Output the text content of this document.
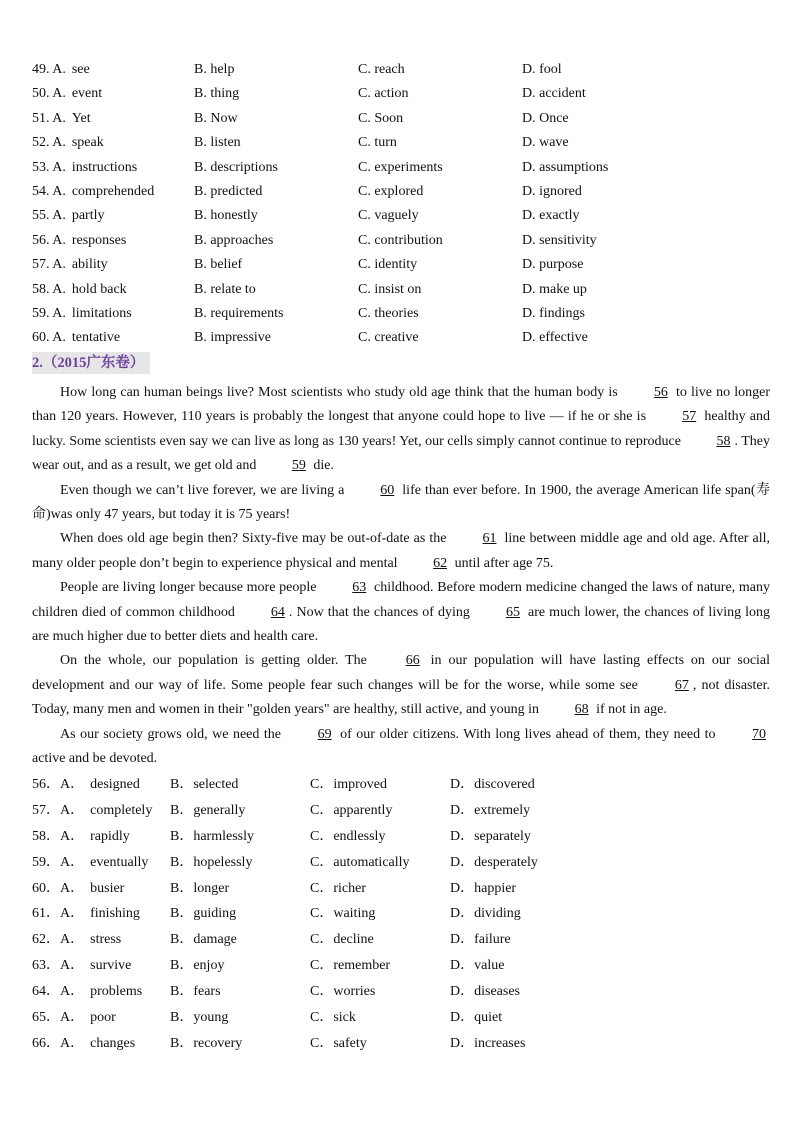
49. A. see	B. help	C. reach	D. fool
50. A. event	B. thing	C. action	D. accident
51. A. Yet	B. Now	C. Soon	D. Once
52. A. speak	B. listen	C. turn	D. wave
53. A. instructions	B. descriptions	C. experiments	D. assumptions
54. A. comprehended	B. predicted	C. explored	D. ignored
55. A. partly	B. honestly	C. vaguely	D. exactly
56. A. responses	B. approaches	C. contribution	D. sensitivity
57. A. ability	B. belief	C. identity	D. purpose
58. A. hold back	B. relate to	C. insist on	D. make up
59. A. limitations	B. requirements	C. theories	D. findings
60. A. tentative	B. impressive	C. creative	D. effective
2.（2015广东卷）

How long can human beings live? Most scientists who study old age think that the human body is	56 to live no longer than 120 years. However, 110 years is probably the longest that anyone could hope to live — if he or she is	57 healthy and lucky. Some scientists even say we can live as long as 130 years! Yet, our cells simply cannot continue to reproduce	58 . They wear out, and as a result, we get old and	59 die.

Even though we can’t live forever, we are living a	60 life than ever before. In 1900, the average American life span(寿命)was only 47 years, but today it is 75 years!

When does old age begin then? Sixty-five may be out-of-date as the	61 line between middle age and old age. After all, many older people don’t begin to experience physical and mental	62 until after age 75.

People are living longer because more people	63 childhood. Before modern medicine changed the laws of nature, many children died of common childhood	64 . Now that the chances of dying	65 are much lower, the chances of living long are much higher due to better diets and health care.

On the whole, our population is getting older. The	66 in our population will have lasting effects on our social development and our way of life. Some people fear such changes will be for the worse, while some see	67 , not disaster. Today, many men and women in their "golden years" are healthy, still active, and young in	68 if not in age.

As our society grows old, we need the	69 of our older citizens. With long lives ahead of them, they need to	70 active and be devoted.

56．A． designed B．selected	C．improved	D．discovered
57．A． completely B．generally	C．apparently	D．extremely
58．A． rapidly	B．harmlessly	C．endlessly	D．separately
59．A． eventually B．hopelessly	C．automatically	D．desperately
60．A． busier	B．longer	C．richer	D．happier
61．A． finishing B．guiding	C．waiting	D．dividing
62．A． stress	B．damage	C．decline	D．failure
63．A． survive	B．enjoy	C．remember	D．value
64．A． problems B．fears	C．worries	D．diseases
65．A． poor	B．young	C．sick	D．quiet
66．A． changes B．recovery	C．safety	D．increases
